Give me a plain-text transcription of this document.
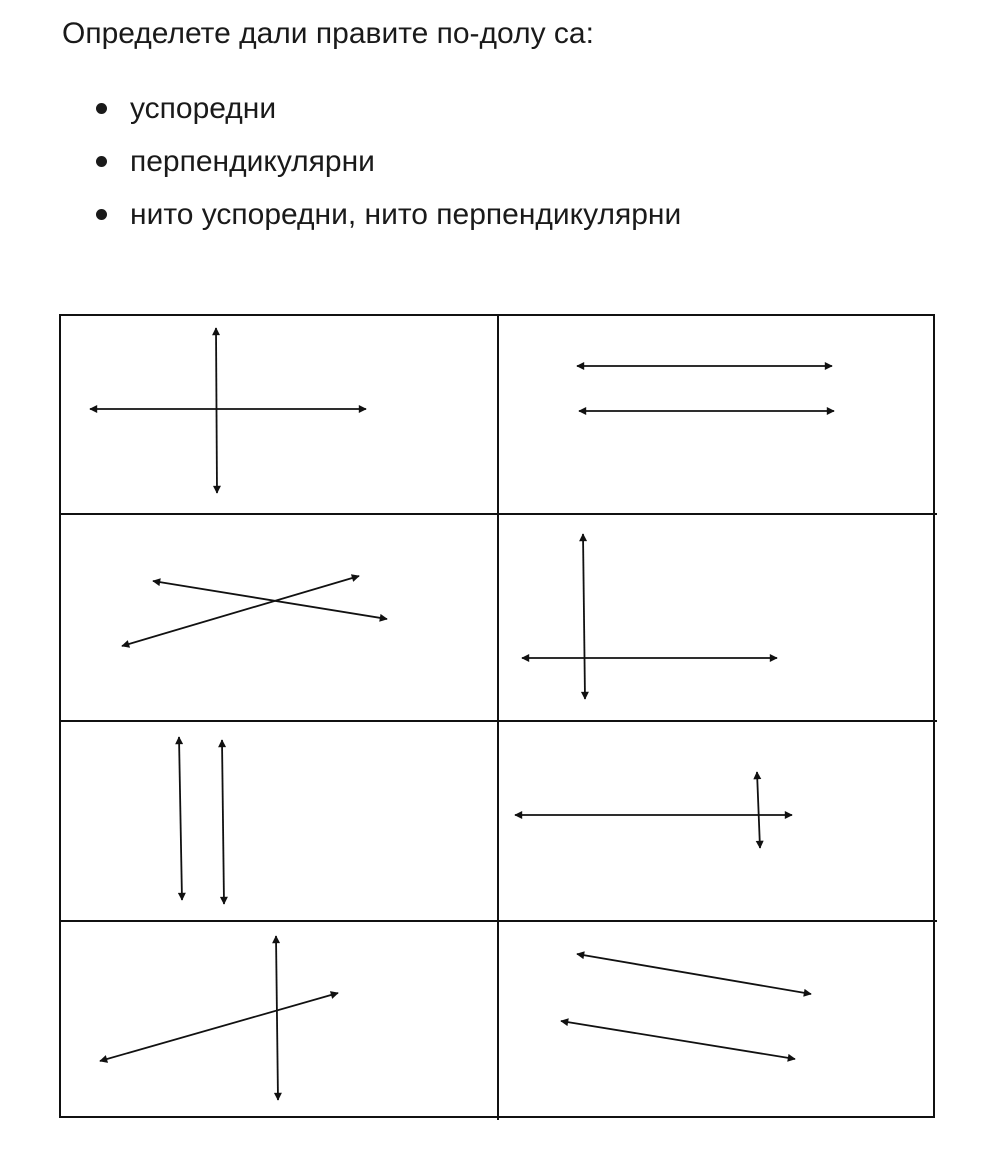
Определете дали правите по-долу са:
успоредни
перпендикулярни
нито успоредни, нито перпендикулярни
